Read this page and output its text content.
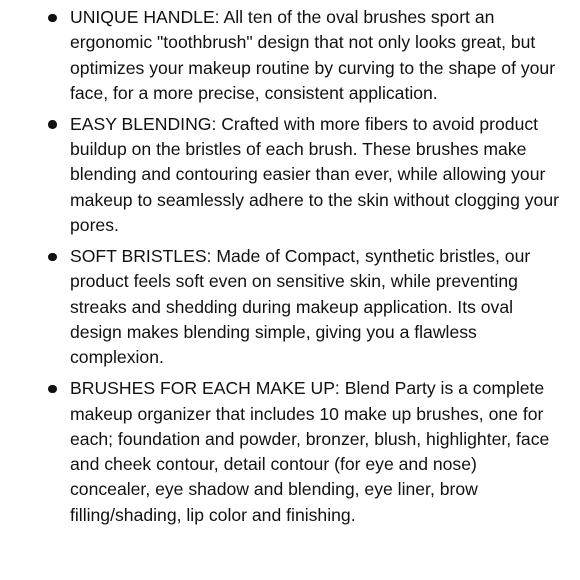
UNIQUE HANDLE: All ten of the oval brushes sport an ergonomic "toothbrush" design that not only looks great, but optimizes your makeup routine by curving to the shape of your face, for a more precise, consistent application.
EASY BLENDING: Crafted with more fibers to avoid product buildup on the bristles of each brush. These brushes make blending and contouring easier than ever, while allowing your makeup to seamlessly adhere to the skin without clogging your pores.
SOFT BRISTLES: Made of Compact, synthetic bristles, our product feels soft even on sensitive skin, while preventing streaks and shedding during makeup application. Its oval design makes blending simple, giving you a flawless complexion.
BRUSHES FOR EACH MAKE UP: Blend Party is a complete makeup organizer that includes 10 make up brushes, one for each; foundation and powder, bronzer, blush, highlighter, face and cheek contour, detail contour (for eye and nose) concealer, eye shadow and blending, eye liner, brow filling/shading, lip color and finishing.
